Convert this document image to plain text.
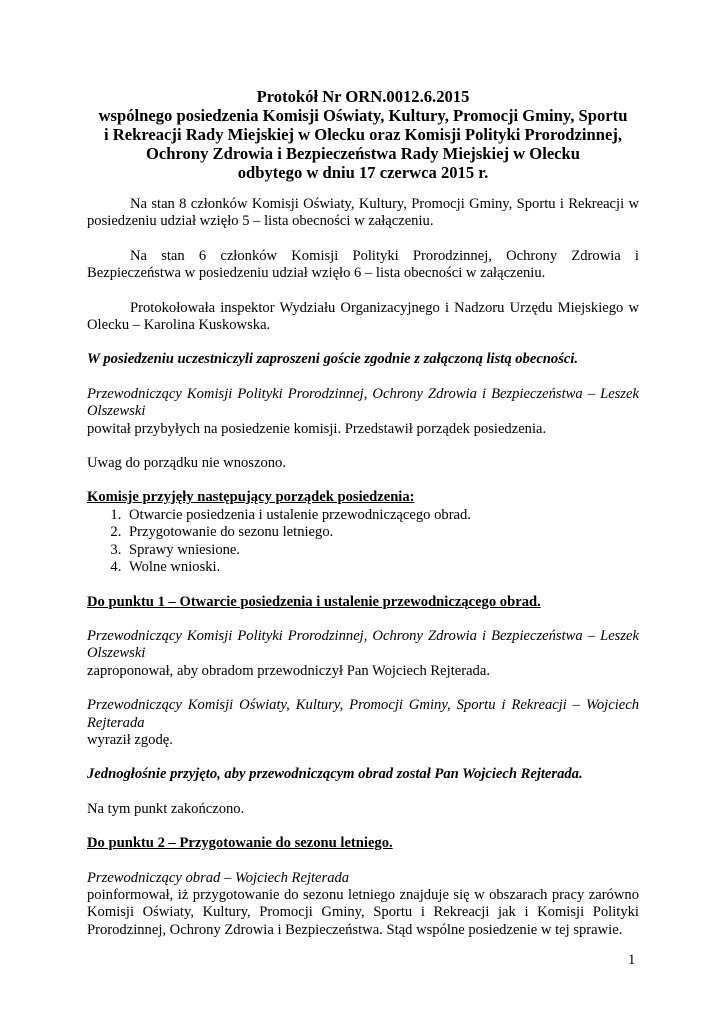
Protokół Nr ORN.0012.6.2015
wspólnego posiedzenia Komisji Oświaty, Kultury, Promocji Gminy, Sportu
i Rekreacji Rady Miejskiej w Olecku oraz Komisji Polityki Prorodzinnej,
Ochrony Zdrowia i Bezpieczeństwa Rady Miejskiej w Olecku
odbytego w dniu 17 czerwca 2015 r.

Na stan 8 członków Komisji Oświaty, Kultury, Promocji Gminy, Sportu i Rekreacji w posiedzeniu udział wzięło 5 – lista obecności w załączeniu.

Na stan 6 członków Komisji Polityki Prorodzinnej, Ochrony Zdrowia i Bezpieczeństwa w posiedzeniu udział wzięło 6 – lista obecności w załączeniu.

Protokołowała inspektor Wydziału Organizacyjnego i Nadzoru Urzędu Miejskiego w Olecku – Karolina Kuskowska.

W posiedzeniu uczestniczyli zaproszeni goście zgodnie z załączoną listą obecności.

Przewodniczący Komisji Polityki Prorodzinnej, Ochrony Zdrowia i Bezpieczeństwa – Leszek Olszewski

powitał przybyłych na posiedzenie komisji. Przedstawił porządek posiedzenia.

Uwag do porządku nie wnoszono.

Komisje przyjęły następujący porządek posiedzenia:

1. Otwarcie posiedzenia i ustalenie przewodniczącego obrad.
2. Przygotowanie do sezonu letniego.
3. Sprawy wniesione.
4. Wolne wnioski.

Do punktu 1 – Otwarcie posiedzenia i ustalenie przewodniczącego obrad.

Przewodniczący Komisji Polityki Prorodzinnej, Ochrony Zdrowia i Bezpieczeństwa – Leszek Olszewski

zaproponował, aby obradom przewodniczył Pan Wojciech Rejterada.

Przewodniczący Komisji Oświaty, Kultury, Promocji Gminy, Sportu i Rekreacji – Wojciech Rejterada

wyraził zgodę.

Jednogłośnie przyjęto, aby przewodniczącym obrad został Pan Wojciech Rejterada.

Na tym punkt zakończono.

Do punktu 2 – Przygotowanie do sezonu letniego.

Przewodniczący obrad – Wojciech Rejterada

poinformował, iż przygotowanie do sezonu letniego znajduje się w obszarach pracy zarówno Komisji Oświaty, Kultury, Promocji Gminy, Sportu i Rekreacji jak i Komisji Polityki Prorodzinnej, Ochrony Zdrowia i Bezpieczeństwa. Stąd wspólne posiedzenie w tej sprawie.

1
